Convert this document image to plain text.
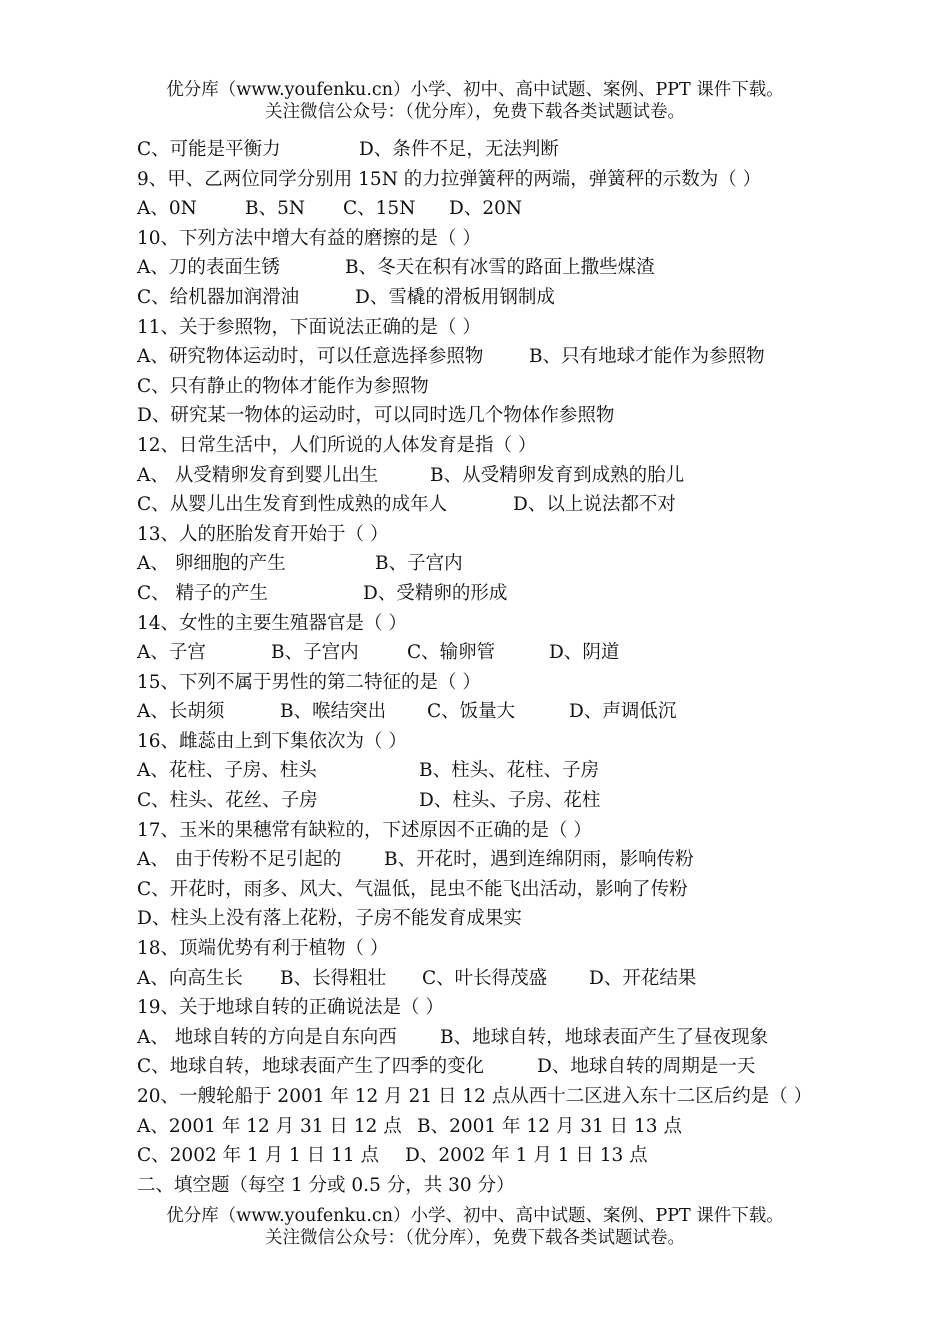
优分库（www.youfenku.cn）小学、初中、高中试题、案例、PPT 课件下载。
关注微信公众号：（优分库），免费下载各类试题试卷。
C、可能是平衡力	D、条件不足，无法判断
9、甲、乙两位同学分别用 15N 的力拉弹簧秤的两端，弹簧秤的示数为（ ）
A、0N	B、5N C、15N D、20N
10、下列方法中增大有益的磨擦的是（ ）
A、刀的表面生锈	B、冬天在积有冰雪的路面上撒些煤渣
C、给机器加润滑油	D、雪橇的滑板用钢制成
11、关于参照物，下面说法正确的是（ ）
A、研究物体运动时，可以任意选择参照物 B、只有地球才能作为参照物
C、只有静止的物体才能作为参照物
D、研究某一物体的运动时，可以同时选几个物体作参照物
12、日常生活中，人们所说的人体发育是指（ ）
A、 从受精卵发育到婴儿出生	B、从受精卵发育到成熟的胎儿
C、从婴儿出生发育到性成熟的成年人	D、以上说法都不对
13、人的胚胎发育开始于（ ）
A、 卵细胞的产生	B、子宫内
C、 精子的产生	D、受精卵的形成
14、女性的主要生殖器官是（ ）
A、子宫	B、子宫内	C、输卵管	D、阴道
15、下列不属于男性的第二特征的是（ ）
A、长胡须	B、喉结突出 C、饭量大	D、声调低沉
16、雌蕊由上到下集依次为（ ）
A、花柱、子房、柱头	B、柱头、花柱、子房
C、柱头、花丝、子房	D、柱头、子房、花柱
17、玉米的果穗常有缺粒的，下述原因不正确的是（ ）
A、 由于传粉不足引起的 B、开花时，遇到连绵阴雨，影响传粉
C、开花时，雨多、风大、气温低，昆虫不能飞出活动，影响了传粉
D、柱头上没有落上花粉，子房不能发育成果实
18、顶端优势有利于植物（ ）
A、向高生长 B、长得粗壮 C、叶长得茂盛 D、开花结果
19、关于地球自转的正确说法是（ ）
A、 地球自转的方向是自东向西 B、地球自转，地球表面产生了昼夜现象
C、地球自转，地球表面产生了四季的变化	D、地球自转的周期是一天
20、一艘轮船于 2001 年 12 月 21 日 12 点从西十二区进入东十二区后约是（ ）
A、2001 年 12 月 31 日 12 点 B、2001 年 12 月 31 日 13 点
C、2002 年 1 月 1 日 11 点 D、2002 年 1 月 1 日 13 点
二、填空题（每空 1 分或 0.5 分，共 30 分）
优分库（www.youfenku.cn）小学、初中、高中试题、案例、PPT 课件下载。
关注微信公众号：（优分库），免费下载各类试题试卷。
